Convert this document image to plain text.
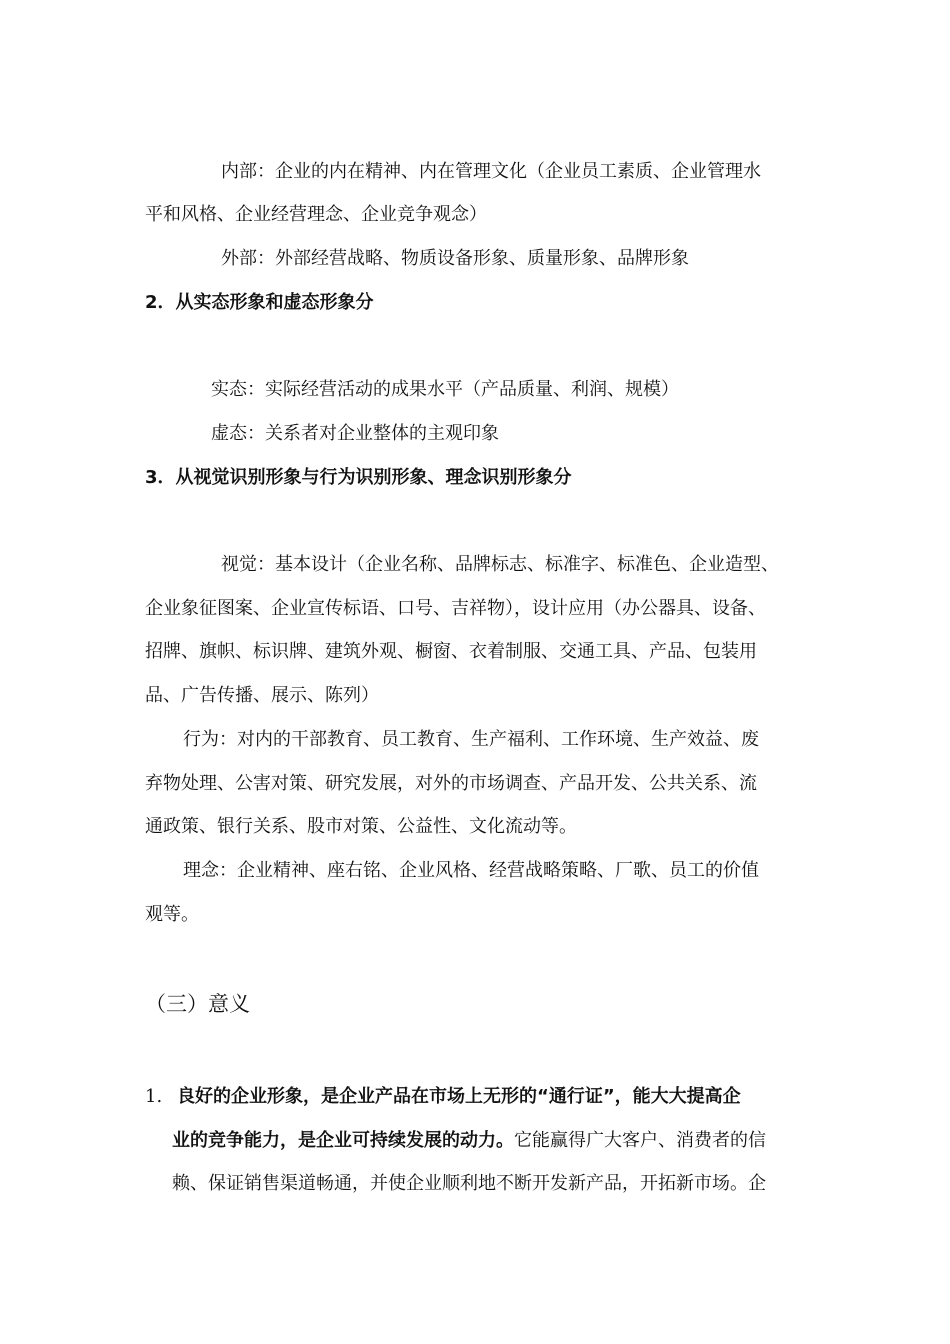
内部：企业的内在精神、内在管理文化（企业员工素质、企业管理水
平和风格、企业经营理念、企业竞争观念）
外部：外部经营战略、物质设备形象、质量形象、品牌形象
2．从实态形象和虚态形象分
实态：实际经营活动的成果水平（产品质量、利润、规模）
虚态：关系者对企业整体的主观印象
3．从视觉识别形象与行为识别形象、理念识别形象分
视觉：基本设计（企业名称、品牌标志、标准字、标准色、企业造型、
企业象征图案、企业宣传标语、口号、吉祥物），设计应用（办公器具、设备、
招牌、旗帜、标识牌、建筑外观、橱窗、衣着制服、交通工具、产品、包装用
品、广告传播、展示、陈列）
行为：对内的干部教育、员工教育、生产福利、工作环境、生产效益、废
弃物处理、公害对策、研究发展，对外的市场调查、产品开发、公共关系、流
通政策、银行关系、股市对策、公益性、文化流动等。
理念：企业精神、座右铭、企业风格、经营战略策略、厂歌、员工的价值
观等。
（三）意义
1. 良好的企业形象，是企业产品在市场上无形的“通行证”，能大大提高企
业的竞争能力，是企业可持续发展的动力。它能赢得广大客户、消费者的信
赖、保证销售渠道畅通，并使企业顺利地不断开发新产品，开拓新市场。企
